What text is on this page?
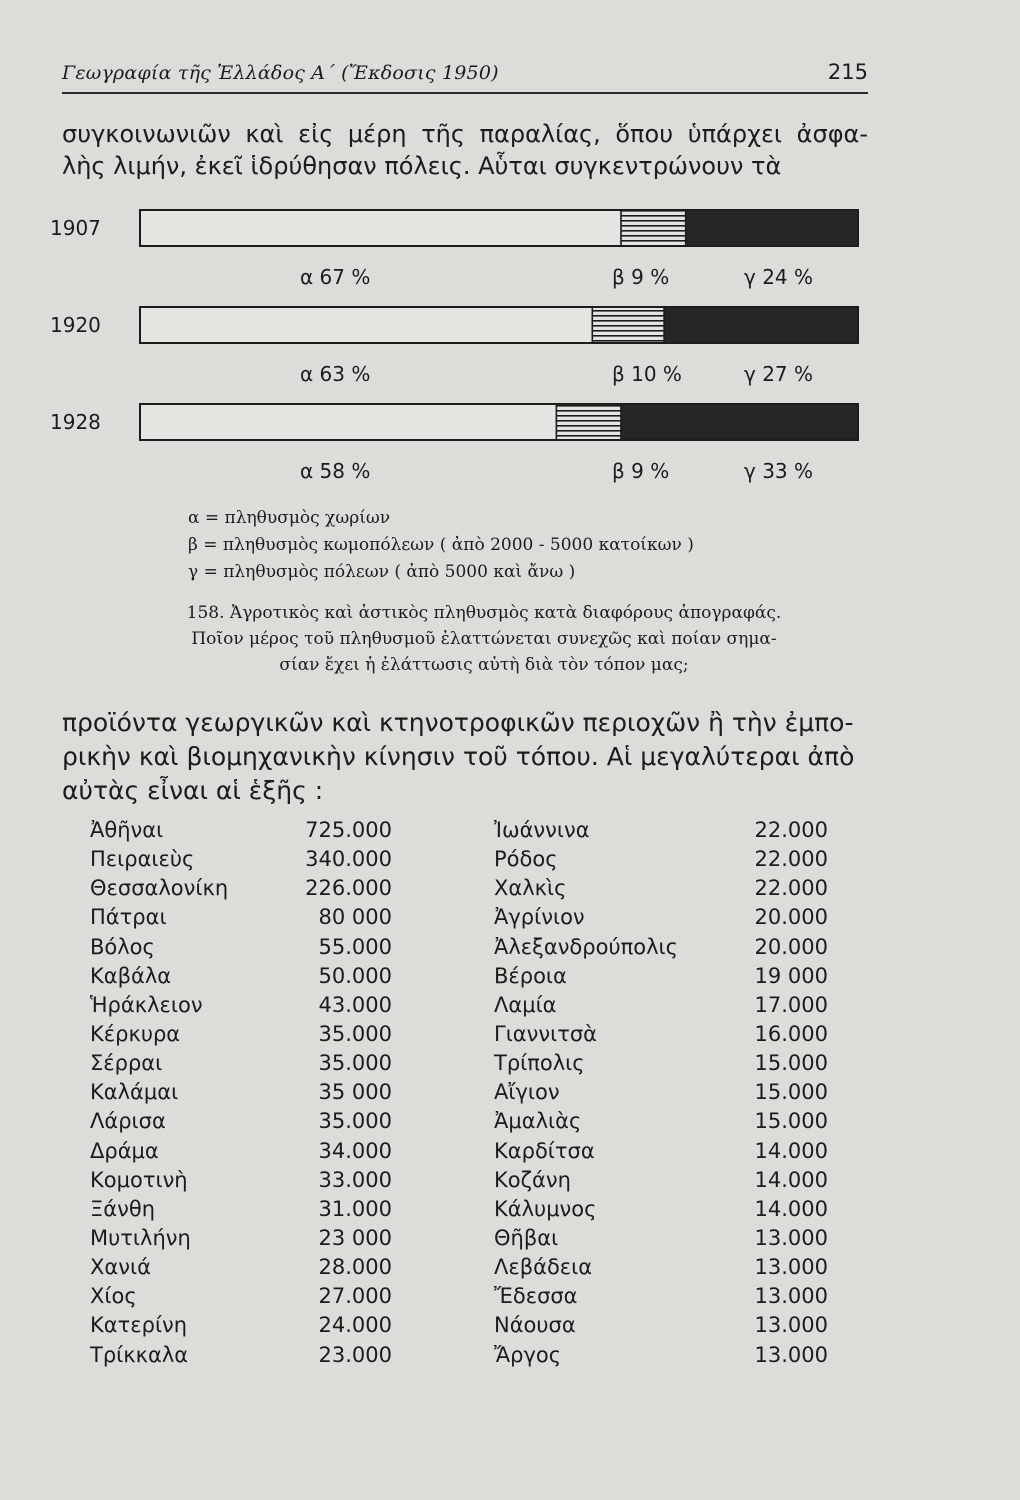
Γεωγραφία τῆς Ἑλλάδος Α΄ (Ἔκδοσις 1950)	215
συγκοινωνιῶν καὶ εἰς μέρη τῆς παραλίας, ὅπου ὑπάρχει ἀσφα-
λὴς λιμήν, ἐκεῖ ἱδρύθησαν πόλεις. Αὗται συγκεντρώνουν τὰ
1907
α 67 %	β 9 %	γ 24 %
1920
α 63 %	β 10 %	γ 27 %
1928
α 58 %	β 9 %	γ 33 %
α = πληθυσμὸς χωρίων
β = πληθυσμὸς κωμοπόλεων ( ἀπὸ 2000 - 5000 κατοίκων )
γ = πληθυσμὸς πόλεων ( ἀπὸ 5000 καὶ ἄνω )
158. Ἀγροτικὸς καὶ ἀστικὸς πληθυσμὸς κατὰ διαφόρους ἀπογραφάς.
Ποῖον μέρος τοῦ πληθυσμοῦ ἐλαττώνεται συνεχῶς καὶ ποίαν σημα-
σίαν ἔχει ἡ ἐλάττωσις αὐτὴ διὰ τὸν τόπον μας;
προϊόντα γεωργικῶν καὶ κτηνοτροφικῶν περιοχῶν ἢ τὴν ἐμπο-
ρικὴν καὶ βιομηχανικὴν κίνησιν τοῦ τόπου. Αἱ μεγαλύτεραι ἀπὸ
αὐτὰς εἶναι αἱ ἑξῆς :
Ἀθῆναι	725.000
Πειραιεὺς	340.000
Θεσσαλονίκη	226.000
Πάτραι	80 000
Βόλος	55.000
Καβάλα	50.000
Ἡράκλειον	43.000
Κέρκυρα	35.000
Σέρραι	35.000
Καλάμαι	35 000
Λάρισα	35.000
Δράμα	34.000
Κομοτινὴ	33.000
Ξάνθη	31.000
Μυτιλήνη	23 000
Χανιά	28.000
Χίος	27.000
Κατερίνη	24.000
Τρίκκαλα	23.000
Ἰωάννινα	22.000
Ρόδος	22.000
Χαλκὶς	22.000
Ἀγρίνιον	20.000
Ἀλεξανδρούπολις	20.000
Βέροια	19 000
Λαμία	17.000
Γιαννιτσὰ	16.000
Τρίπολις	15.000
Αἴγιον	15.000
Ἀμαλιὰς	15.000
Καρδίτσα	14.000
Κοζάνη	14.000
Κάλυμνος	14.000
Θῆβαι	13.000
Λεβάδεια	13.000
Ἔδεσσα	13.000
Νάουσα	13.000
Ἄργος	13.000
